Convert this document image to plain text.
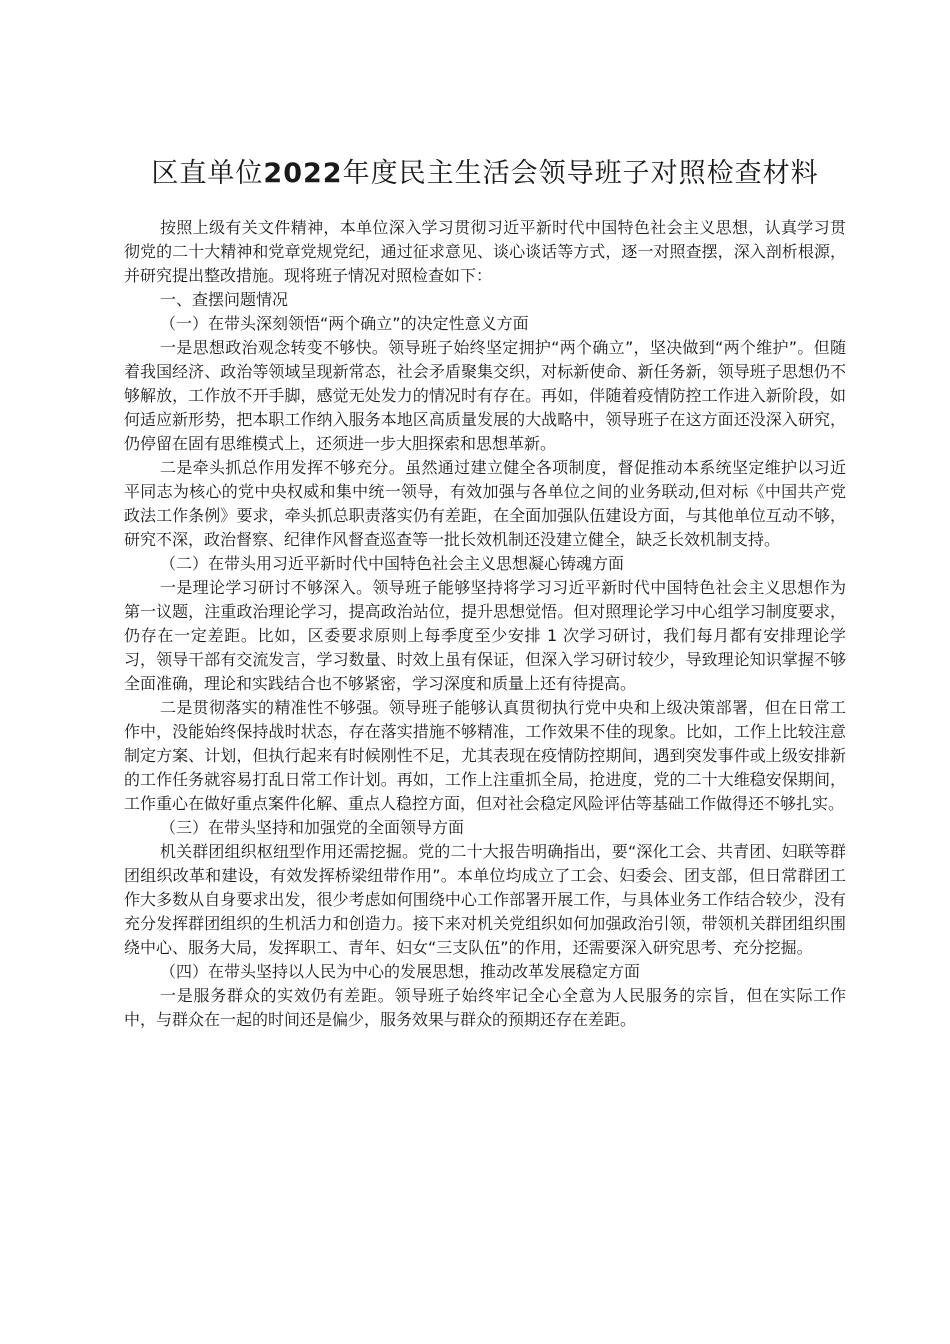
区直单位2022年度民主生活会领导班子对照检查材料

按照上级有关文件精神，本单位深入学习贯彻习近平新时代中国特色社会主义思想，认真学习贯彻党的二十大精神和党章党规党纪，通过征求意见、谈心谈话等方式，逐一对照查摆，深入剖析根源，并研究提出整改措施。现将班子情况对照检查如下：

一、查摆问题情况

（一）在带头深刻领悟“两个确立”的决定性意义方面

一是思想政治观念转变不够快。领导班子始终坚定拥护“两个确立”，坚决做到“两个维护”。但随着我国经济、政治等领域呈现新常态，社会矛盾聚集交织，对标新使命、新任务新，领导班子思想仍不够解放，工作放不开手脚，感觉无处发力的情况时有存在。再如，伴随着疫情防控工作进入新阶段，如何适应新形势，把本职工作纳入服务本地区高质量发展的大战略中，领导班子在这方面还没深入研究，仍停留在固有思维模式上，还须进一步大胆探索和思想革新。

二是牵头抓总作用发挥不够充分。虽然通过建立健全各项制度，督促推动本系统坚定维护以习近平同志为核心的党中央权威和集中统一领导，有效加强与各单位之间的业务联动,但对标《中国共产党政法工作条例》要求，牵头抓总职责落实仍有差距，在全面加强队伍建设方面，与其他单位互动不够，研究不深，政治督察、纪律作风督查巡查等一批长效机制还没建立健全，缺乏长效机制支持。

（二）在带头用习近平新时代中国特色社会主义思想凝心铸魂方面

一是理论学习研讨不够深入。领导班子能够坚持将学习习近平新时代中国特色社会主义思想作为第一议题，注重政治理论学习，提高政治站位，提升思想觉悟。但对照理论学习中心组学习制度要求，仍存在一定差距。比如，区委要求原则上每季度至少安排 1 次学习研讨，我们每月都有安排理论学习，领导干部有交流发言，学习数量、时效上虽有保证，但深入学习研讨较少，导致理论知识掌握不够全面准确，理论和实践结合也不够紧密，学习深度和质量上还有待提高。

二是贯彻落实的精准性不够强。领导班子能够认真贯彻执行党中央和上级决策部署，但在日常工作中，没能始终保持战时状态，存在落实措施不够精准，工作效果不佳的现象。比如，工作上比较注意制定方案、计划，但执行起来有时候刚性不足，尤其表现在疫情防控期间，遇到突发事件或上级安排新的工作任务就容易打乱日常工作计划。再如，工作上注重抓全局，抢进度，党的二十大维稳安保期间，工作重心在做好重点案件化解、重点人稳控方面，但对社会稳定风险评估等基础工作做得还不够扎实。

（三）在带头坚持和加强党的全面领导方面

机关群团组织枢纽型作用还需挖掘。党的二十大报告明确指出，要“深化工会、共青团、妇联等群团组织改革和建设，有效发挥桥梁纽带作用”。本单位均成立了工会、妇委会、团支部，但日常群团工作大多数从自身要求出发，很少考虑如何围绕中心工作部署开展工作，与具体业务工作结合较少，没有充分发挥群团组织的生机活力和创造力。接下来对机关党组织如何加强政治引领，带领机关群团组织围绕中心、服务大局，发挥职工、青年、妇女“三支队伍”的作用，还需要深入研究思考、充分挖掘。

（四）在带头坚持以人民为中心的发展思想，推动改革发展稳定方面

一是服务群众的实效仍有差距。领导班子始终牢记全心全意为人民服务的宗旨，但在实际工作中，与群众在一起的时间还是偏少，服务效果与群众的预期还存在差距。
